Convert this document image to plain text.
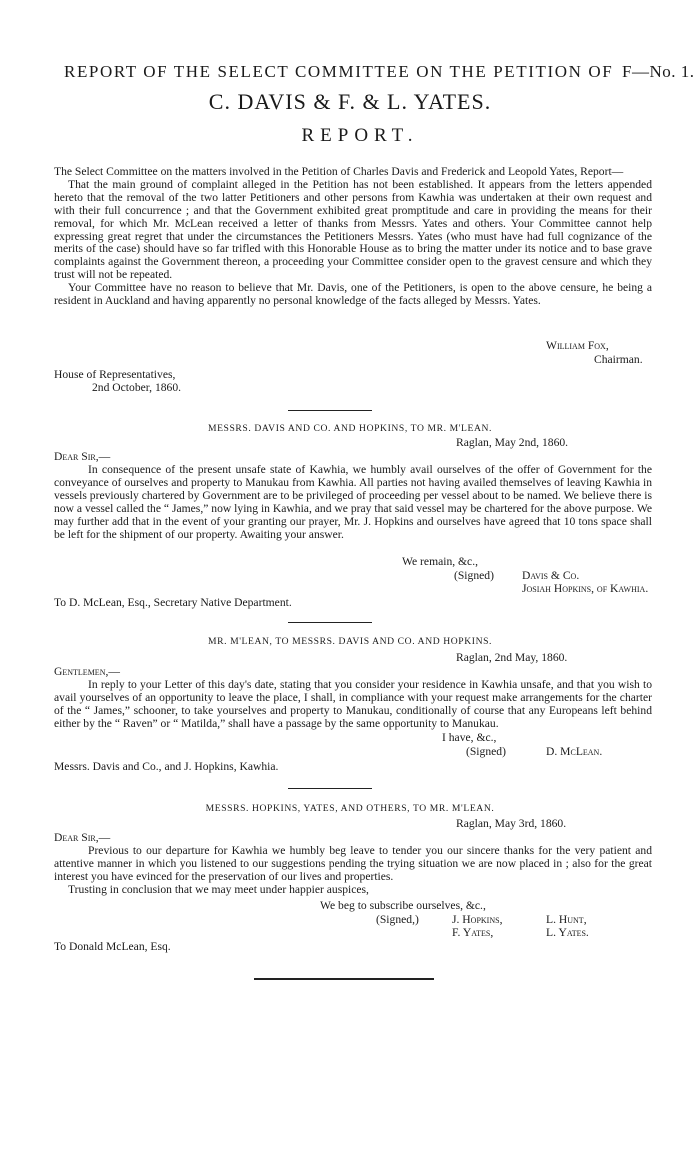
REPORT OF THE SELECT COMMITTEE ON THE PETITION OF F—No. 1.
C. DAVIS & F. & L. YATES.
REPORT.

The Select Committee on the matters involved in the Petition of Charles Davis and Frederick and Leopold Yates, Report—

That the main ground of complaint alleged in the Petition has not been established. It appears from the letters appended hereto that the removal of the two latter Petitioners and other persons from Kawhia was undertaken at their own request and with their full concurrence ; and that the Government exhibited great promptitude and care in providing the means for their removal, for which Mr. McLean received a letter of thanks from Messrs. Yates and others. Your Committee cannot help expressing great regret that under the circumstances the Petitioners Messrs. Yates (who must have had full cognizance of the merits of the case) should have so far trifled with this Honorable House as to bring the matter under its notice and to base grave complaints against the Government thereon, a proceeding your Committee consider open to the gravest censure and which they trust will not be repeated.

Your Committee have no reason to believe that Mr. Davis, one of the Petitioners, is open to the above censure, he being a resident in Auckland and having apparently no personal knowledge of the facts alleged by Messrs. Yates.

William Fox,
Chairman.
House of Representatives,
2nd October, 1860.
MESSRS. DAVIS AND CO. AND HOPKINS, TO MR. M'LEAN.
Raglan, May 2nd, 1860.
Dear Sir,—

In consequence of the present unsafe state of Kawhia, we humbly avail ourselves of the offer of Government for the conveyance of ourselves and property to Manukau from Kawhia. All parties not having availed themselves of leaving Kawhia in vessels previously chartered by Government are to be privileged of proceeding per vessel about to be named. We believe there is now a vessel called the “ James,” now lying in Kawhia, and we pray that said vessel may be chartered for the above purpose. We may further add that in the event of your granting our prayer, Mr. J. Hopkins and ourselves have agreed that 10 tons space shall be left for the shipment of our property. Awaiting your answer.

We remain, &c.,
(Signed) Davis & Co.
Josiah Hopkins, of Kawhia.
To D. McLean, Esq., Secretary Native Department.
MR. M'LEAN, TO MESSRS. DAVIS AND CO. AND HOPKINS.
Raglan, 2nd May, 1860.
Gentlemen,—

In reply to your Letter of this day's date, stating that you consider your residence in Kawhia unsafe, and that you wish to avail yourselves of an opportunity to leave the place, I shall, in compliance with your request make arrangements for the charter of the “ James,” schooner, to take yourselves and property to Manukau, conditionally of course that any Europeans left behind either by the “ Raven” or “ Matilda,” shall have a passage by the same opportunity to Manukau.

I have, &c.,
(Signed)	D. McLean.
Messrs. Davis and Co., and J. Hopkins, Kawhia.
MESSRS. HOPKINS, YATES, AND OTHERS, TO MR. M'LEAN.
Raglan, May 3rd, 1860.
Dear Sir,—

Previous to our departure for Kawhia we humbly beg leave to tender you our sincere thanks for the very patient and attentive manner in which you listened to our suggestions pending the trying situation we are now placed in ; also for the great interest you have evinced for the preservation of our lives and properties.

Trusting in conclusion that we may meet under happier auspices,

We beg to subscribe ourselves, &c.,
(Signed,)	J. Hopkins,
F. Yates,
L. Hunt,
L. Yates.
To Donald McLean, Esq.
